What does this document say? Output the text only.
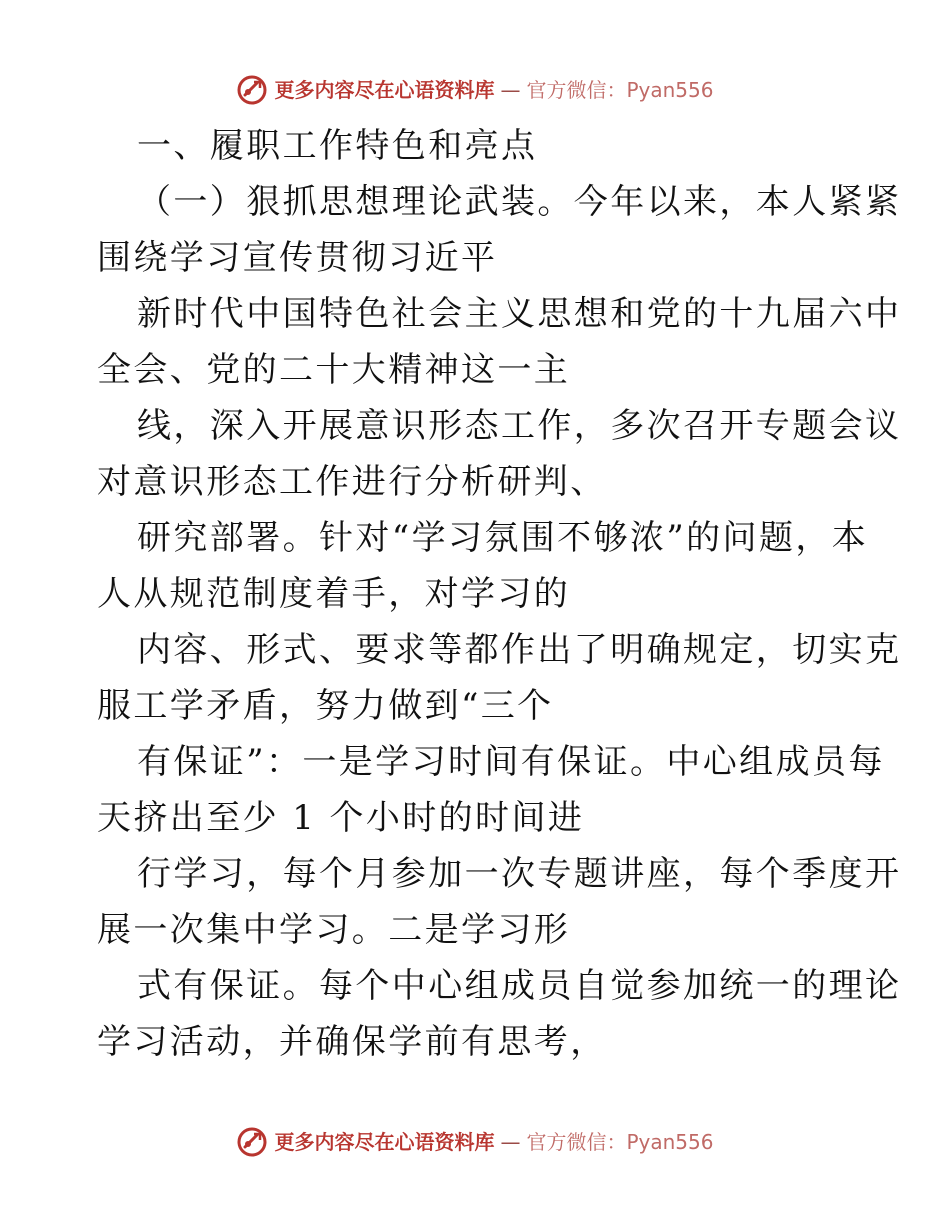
更多内容尽在心语资料库 — 官方微信：Pyan556
一、履职工作特色和亮点
（一）狠抓思想理论武装。今年以来，本人紧紧
围绕学习宣传贯彻习近平
新时代中国特色社会主义思想和党的十九届六中
全会、党的二十大精神这一主
线，深入开展意识形态工作，多次召开专题会议
对意识形态工作进行分析研判、
研究部署。针对“学习氛围不够浓”的问题，本
人从规范制度着手，对学习的
内容、形式、要求等都作出了明确规定，切实克
服工学矛盾，努力做到“三个
有保证”：一是学习时间有保证。中心组成员每
天挤出至少 1 个小时的时间进
行学习，每个月参加一次专题讲座，每个季度开
展一次集中学习。二是学习形
式有保证。每个中心组成员自觉参加统一的理论
学习活动，并确保学前有思考，
更多内容尽在心语资料库 — 官方微信：Pyan556
